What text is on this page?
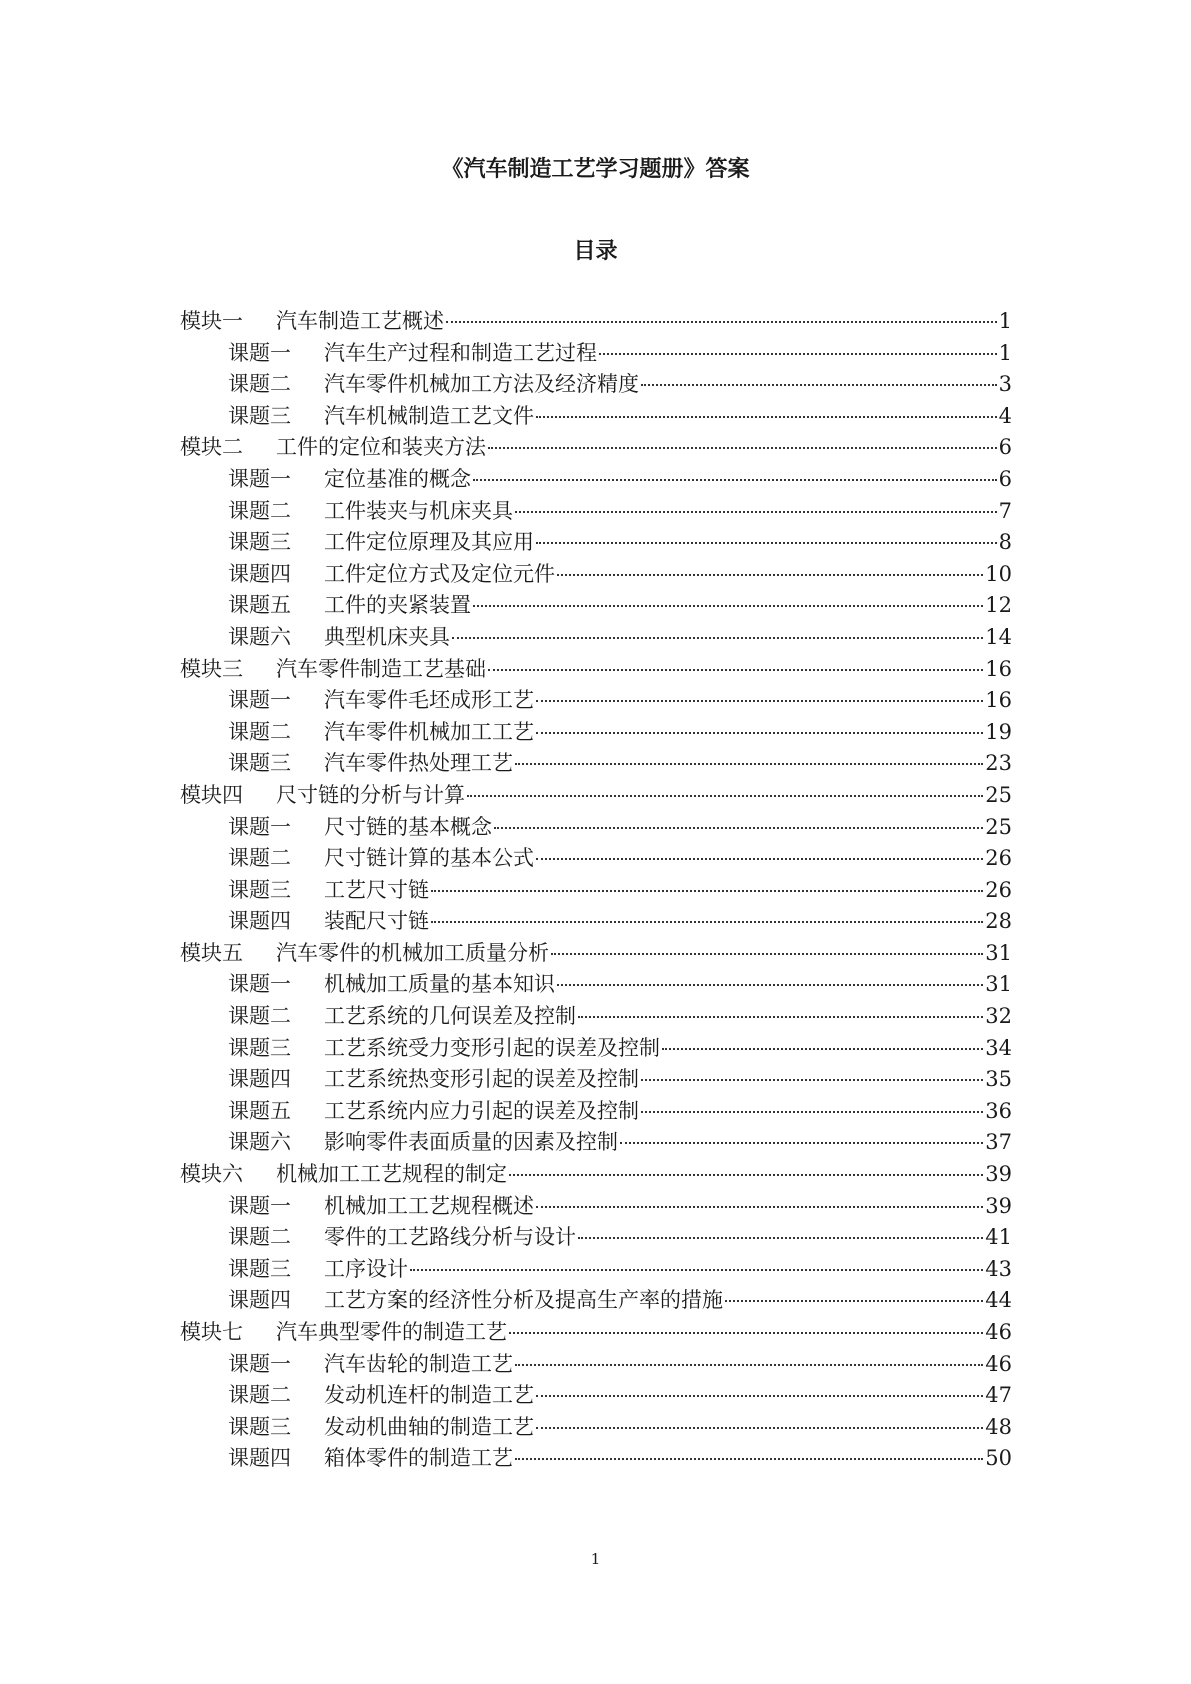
《汽车制造工艺学习题册》答案
目录
模块一 汽车制造工艺概述	1
课题一 汽车生产过程和制造工艺过程	1
课题二 汽车零件机械加工方法及经济精度	3
课题三 汽车机械制造工艺文件	4
模块二 工件的定位和装夹方法	6
课题一 定位基准的概念	6
课题二 工件装夹与机床夹具	7
课题三 工件定位原理及其应用	8
课题四 工件定位方式及定位元件	10
课题五 工件的夹紧装置	12
课题六 典型机床夹具	14
模块三 汽车零件制造工艺基础	16
课题一 汽车零件毛坯成形工艺	16
课题二 汽车零件机械加工工艺	19
课题三 汽车零件热处理工艺	23
模块四 尺寸链的分析与计算	25
课题一 尺寸链的基本概念	25
课题二 尺寸链计算的基本公式	26
课题三 工艺尺寸链	26
课题四 装配尺寸链	28
模块五 汽车零件的机械加工质量分析	31
课题一 机械加工质量的基本知识	31
课题二 工艺系统的几何误差及控制	32
课题三 工艺系统受力变形引起的误差及控制	34
课题四 工艺系统热变形引起的误差及控制	35
课题五 工艺系统内应力引起的误差及控制	36
课题六 影响零件表面质量的因素及控制	37
模块六 机械加工工艺规程的制定	39
课题一 机械加工工艺规程概述	39
课题二 零件的工艺路线分析与设计	41
课题三 工序设计	43
课题四 工艺方案的经济性分析及提高生产率的措施	44
模块七 汽车典型零件的制造工艺	46
课题一 汽车齿轮的制造工艺	46
课题二 发动机连杆的制造工艺	47
课题三 发动机曲轴的制造工艺	48
课题四 箱体零件的制造工艺	50
1
